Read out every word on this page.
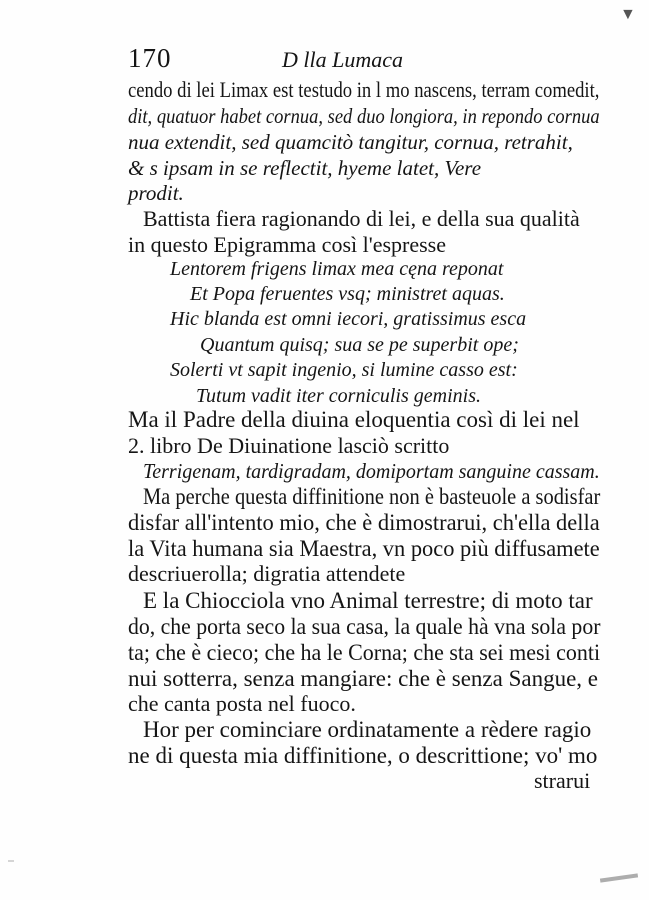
▼
170	D lla Lumaca
cendo di lei Limax est testudo in l mo nascens, terram comedit,
dit, quatuor habet cornua, sed duo longiora, in repondo cornua
nua extendit, sed quamcitò tangitur, cornua, retrahit,
& s ipsam in se reflectit, hyeme latet, Vere
prodit.
Battista fiera ragionando di lei, e della sua qualità
in questo Epigramma così l'espresse
Lentorem frigens limax mea cęna reponat
Et Popa feruentes vsq; ministret aquas.
Hic blanda est omni iecori, gratissimus esca
Quantum quisq; sua se pe superbit ope;
Solerti vt sapit ingenio, si lumine casso est:
Tutum vadit iter corniculis geminis.
Ma il Padre della diuina eloquentia così di lei nel
2. libro De Diuinatione lasciò scritto
Terrigenam, tardigradam, domiportam sanguine cassam.
Ma perche questa diffinitione non è basteuole a sodisfar
disfar all'intento mio, che è dimostrarui, ch'ella della
la Vita humana sia Maestra, vn poco più diffusamete
descriuerolla; digratia attendete
E la Chiocciola vno Animal terrestre; di moto tar
do, che porta seco la sua casa, la quale hà vna sola por
ta; che è cieco; che ha le Corna; che sta sei mesi conti
nui sotterra, senza mangiare: che è senza Sangue, e
che canta posta nel fuoco.
Hor per cominciare ordinatamente a rèdere ragio
ne di questa mia diffinitione, o descrittione; vo' mo
strarui
